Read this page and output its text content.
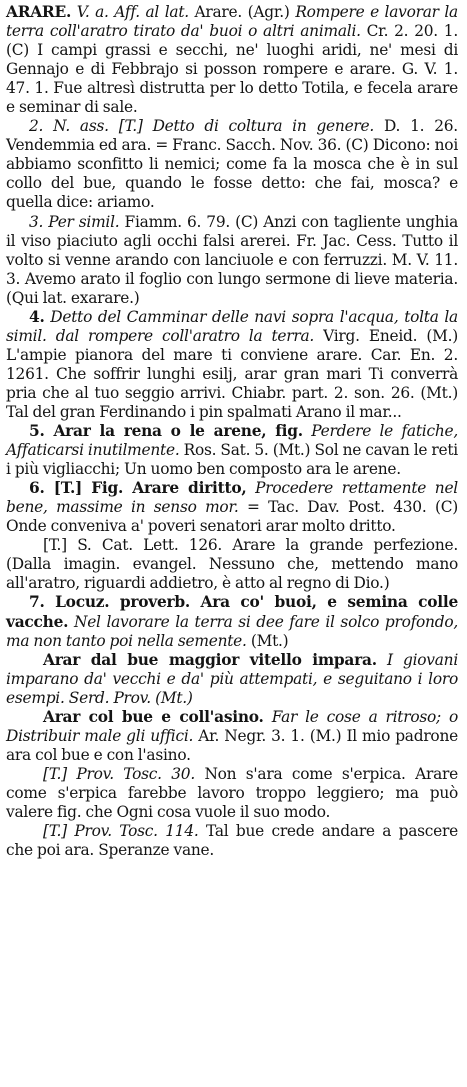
ARARE. V. a. Aff. al lat. Arare. (Agr.) Rompere e lavorar la terra coll'aratro tirato da' buoi o altri animali. Cr. 2. 20. 1. (C) I campi grassi e secchi, ne' luoghi aridi, ne' mesi di Gennajo e di Febbrajo si posson rompere e arare. G. V. 1. 47. 1. Fue altresì distrutta per lo detto Totila, e fecela arare e seminar di sale.

2. N. ass. [T.] Detto di coltura in genere. D. 1. 26. Vendemmia ed ara. = Franc. Sacch. Nov. 36. (C) Dicono: noi abbiamo sconfitto li nemici; come fa la mosca che è in sul collo del bue, quando le fosse detto: che fai, mosca? e quella dice: ariamo.

3. Per simil. Fiamm. 6. 79. (C) Anzi con tagliente unghia il viso piaciuto agli occhi falsi arerei. Fr. Jac. Cess. Tutto il volto si venne arando con lanciuole e con ferruzzi. M. V. 11. 3. Avemo arato il foglio con lungo sermone di lieve materia. (Qui lat. exarare.)

4. Detto del Camminar delle navi sopra l'acqua, tolta la simil. dal rompere coll'aratro la terra. Virg. Eneid. (M.) L'ampie pianora del mare ti conviene arare. Car. En. 2. 1261. Che soffrir lunghi esilj, arar gran mari Ti converrà pria che al tuo seggio arrivi. Chiabr. part. 2. son. 26. (Mt.) Tal del gran Ferdinando i pin spalmati Arano il mar...

5. Arar la rena o le arene, fig. Perdere le fatiche, Affaticarsi inutilmente. Ros. Sat. 5. (Mt.) Sol ne cavan le reti i più vigliacchi; Un uomo ben composto ara le arene.

6. [T.] Fig. Arare diritto, Procedere rettamente nel bene, massime in senso mor. = Tac. Dav. Post. 430. (C) Onde conveniva a' poveri senatori arar molto dritto.

[T.] S. Cat. Lett. 126. Arare la grande perfezione. (Dalla imagin. evangel. Nessuno che, mettendo mano all'aratro, riguardi addietro, è atto al regno di Dio.)

7. Locuz. proverb. Ara co' buoi, e semina colle vacche. Nel lavorare la terra si dee fare il solco profondo, ma non tanto poi nella semente. (Mt.)

Arar dal bue maggior vitello impara. I giovani imparano da' vecchi e da' più attempati, e seguitano i loro esempi. Serd. Prov. (Mt.)

Arar col bue e coll'asino. Far le cose a ritroso; o Distribuir male gli uffici. Ar. Negr. 3. 1. (M.) Il mio padrone ara col bue e con l'asino.

[T.] Prov. Tosc. 30. Non s'ara come s'erpica. Arare come s'erpica farebbe lavoro troppo leggiero; ma può valere fig. che Ogni cosa vuole il suo modo.

[T.] Prov. Tosc. 114. Tal bue crede andare a pascere che poi ara. Speranze vane.
